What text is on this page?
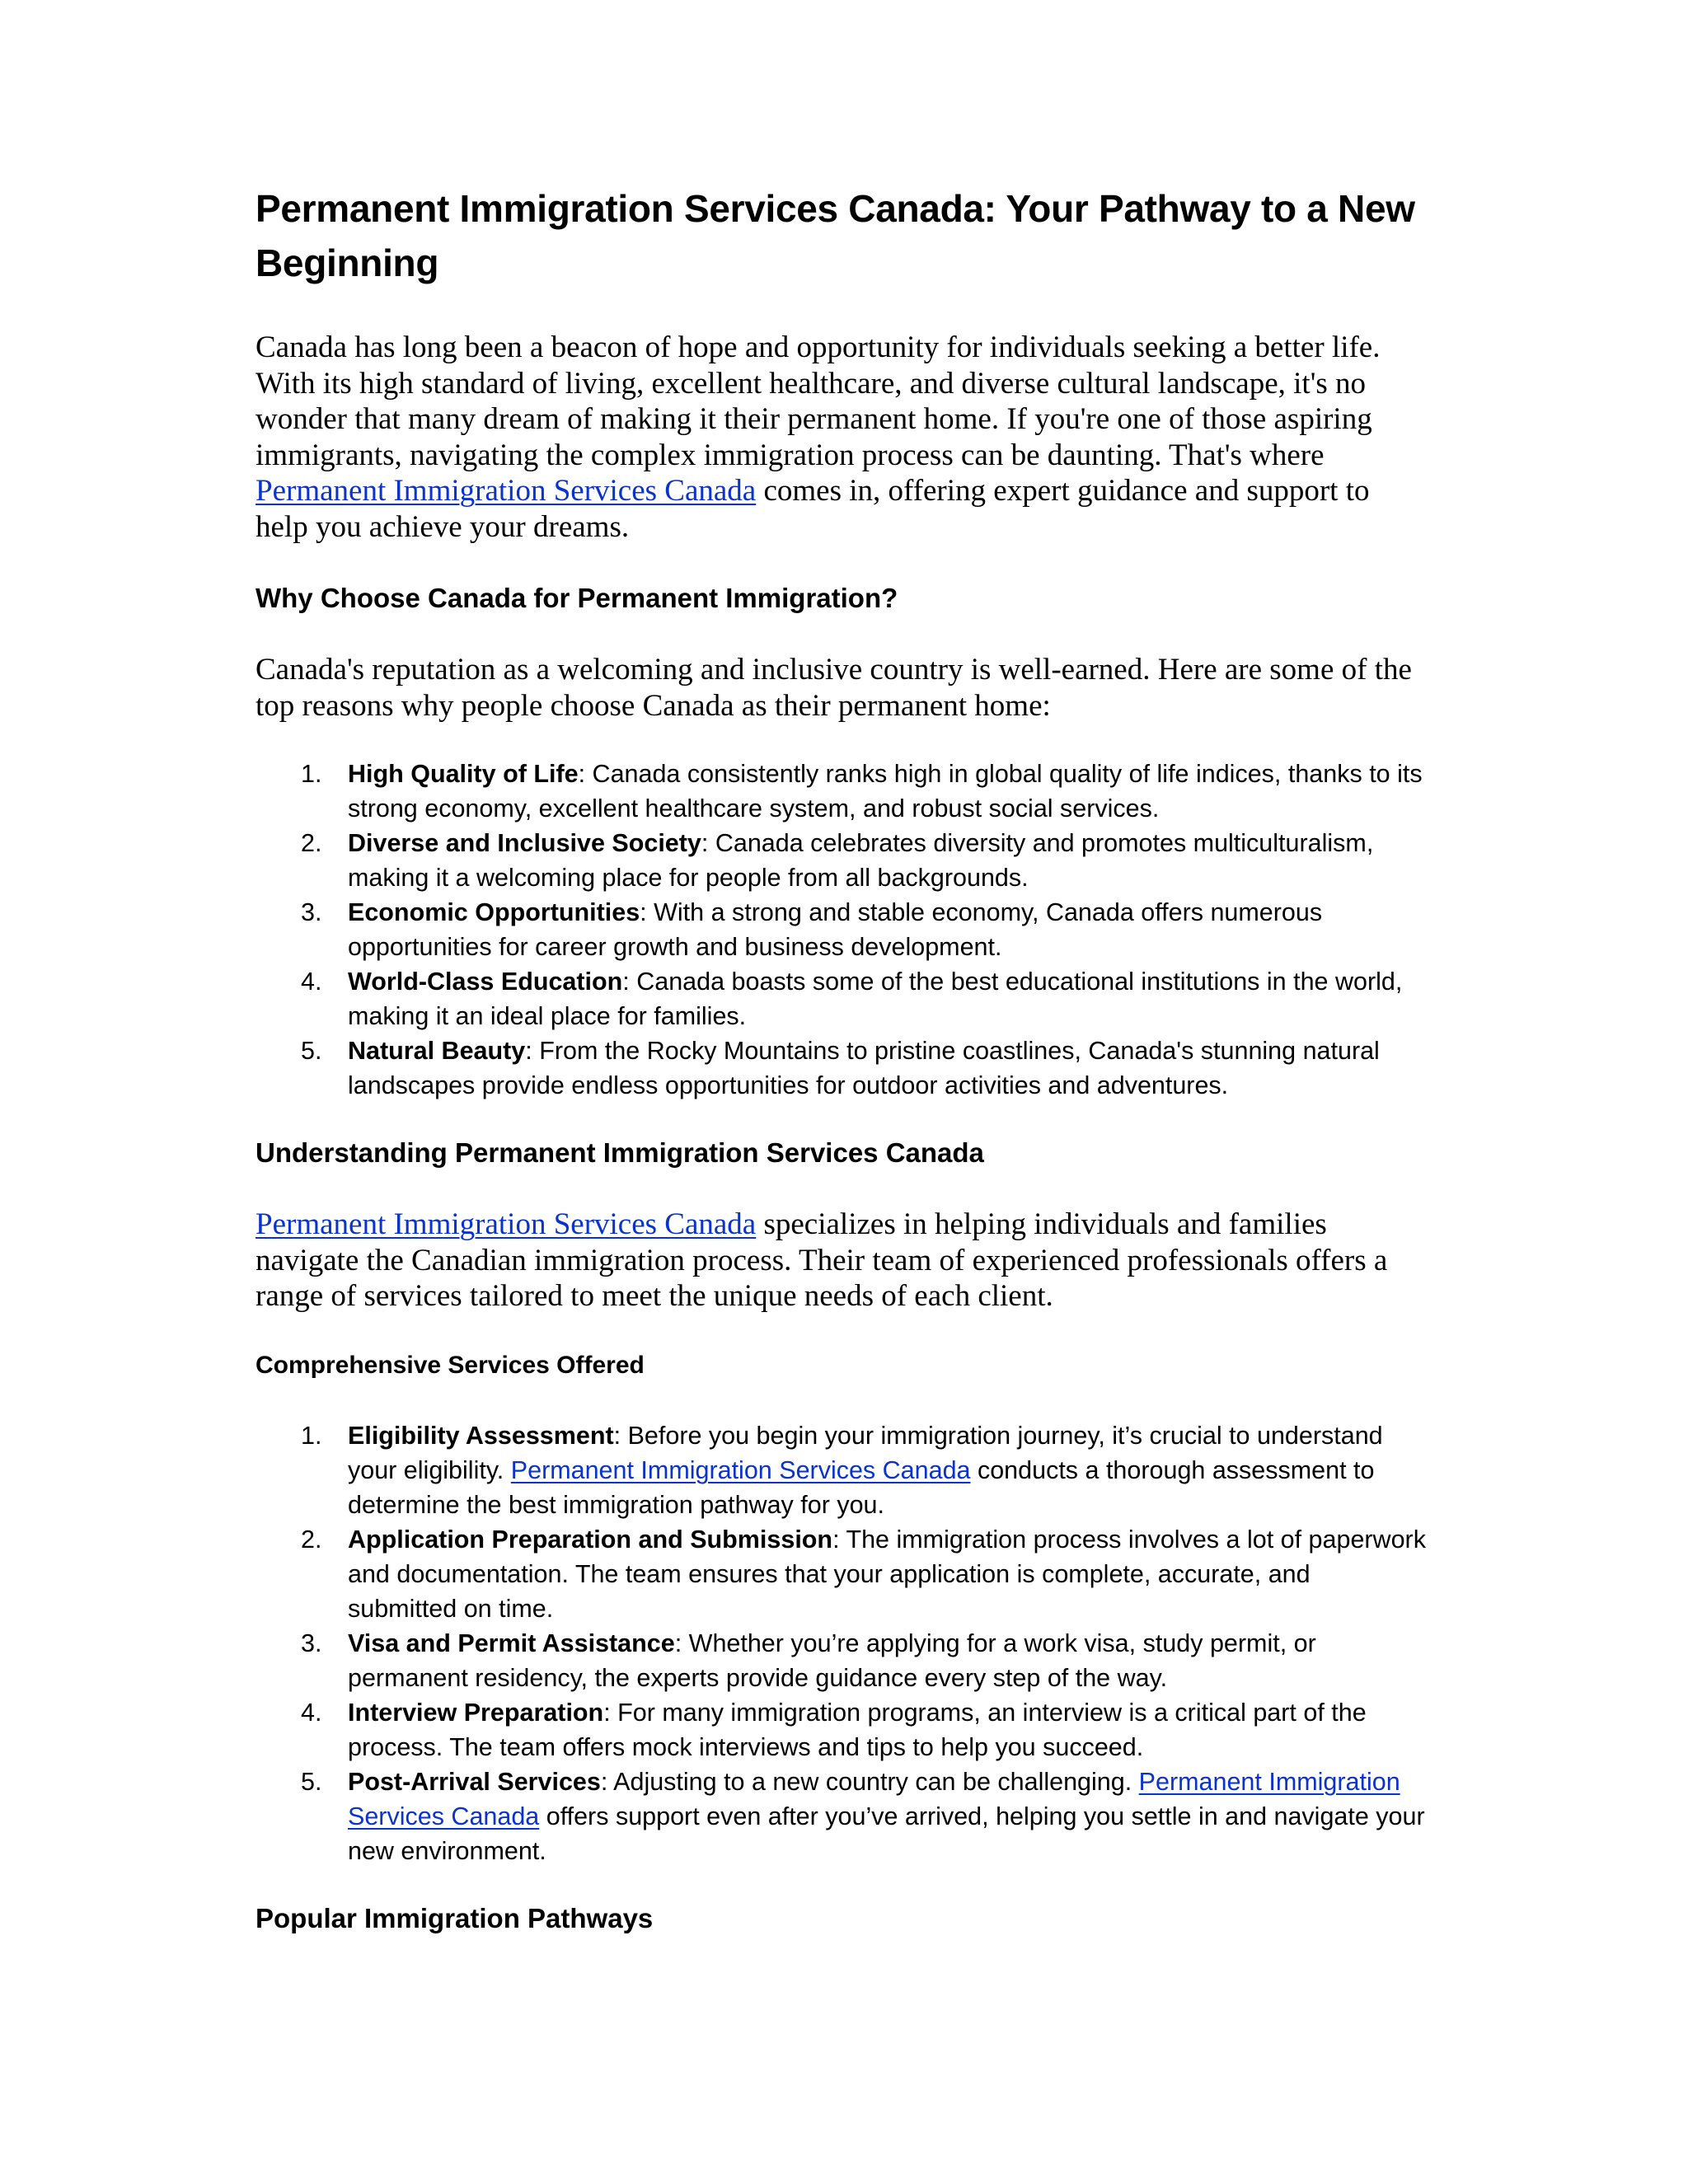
Permanent Immigration Services Canada: Your Pathway to a New Beginning

Canada has long been a beacon of hope and opportunity for individuals seeking a better life. With its high standard of living, excellent healthcare, and diverse cultural landscape, it's no wonder that many dream of making it their permanent home. If you're one of those aspiring immigrants, navigating the complex immigration process can be daunting. That's where Permanent Immigration Services Canada comes in, offering expert guidance and support to help you achieve your dreams.

Why Choose Canada for Permanent Immigration?

Canada's reputation as a welcoming and inclusive country is well-earned. Here are some of the top reasons why people choose Canada as their permanent home:

1. High Quality of Life: Canada consistently ranks high in global quality of life indices, thanks to its strong economy, excellent healthcare system, and robust social services.
2. Diverse and Inclusive Society: Canada celebrates diversity and promotes multiculturalism, making it a welcoming place for people from all backgrounds.
3. Economic Opportunities: With a strong and stable economy, Canada offers numerous opportunities for career growth and business development.
4. World-Class Education: Canada boasts some of the best educational institutions in the world, making it an ideal place for families.
5. Natural Beauty: From the Rocky Mountains to pristine coastlines, Canada's stunning natural landscapes provide endless opportunities for outdoor activities and adventures.
Understanding Permanent Immigration Services Canada

Permanent Immigration Services Canada specializes in helping individuals and families navigate the Canadian immigration process. Their team of experienced professionals offers a range of services tailored to meet the unique needs of each client.

Comprehensive Services Offered
1. Eligibility Assessment: Before you begin your immigration journey, it’s crucial to understand your eligibility. Permanent Immigration Services Canada conducts a thorough assessment to determine the best immigration pathway for you.
2. Application Preparation and Submission: The immigration process involves a lot of paperwork and documentation. The team ensures that your application is complete, accurate, and submitted on time.
3. Visa and Permit Assistance: Whether you’re applying for a work visa, study permit, or permanent residency, the experts provide guidance every step of the way.
4. Interview Preparation: For many immigration programs, an interview is a critical part of the process. The team offers mock interviews and tips to help you succeed.
5. Post-Arrival Services: Adjusting to a new country can be challenging. Permanent Immigration Services Canada offers support even after you’ve arrived, helping you settle in and navigate your new environment.
Popular Immigration Pathways
